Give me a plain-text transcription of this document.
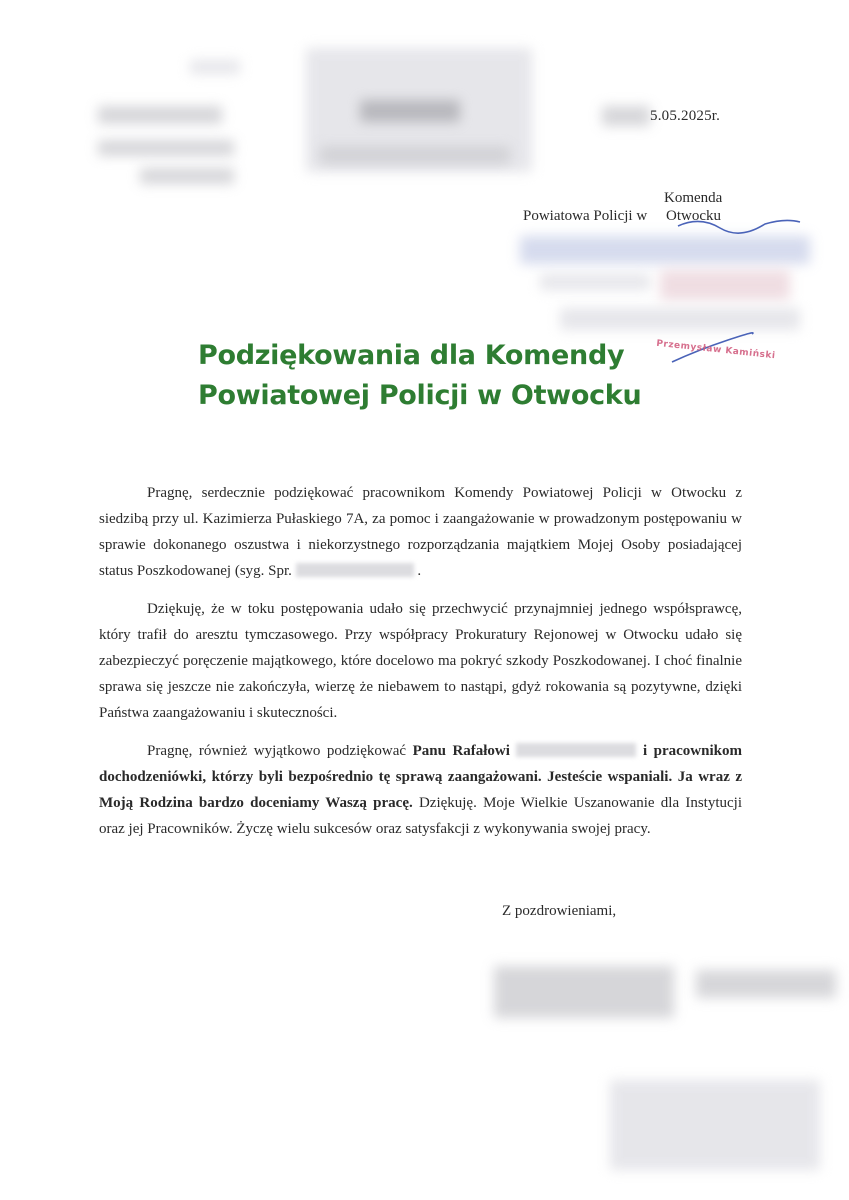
5.05.2025r.
Komenda
Powiatowa Policji w Otwocku
Przemysław Kamiński
Podziękowania dla Komendy
Powiatowej Policji w Otwocku

Pragnę, serdecznie podziękować pracownikom Komendy Powiatowej Policji w Otwocku z siedzibą przy ul. Kazimierza Pułaskiego 7A, za pomoc i zaangażowanie w prowadzonym postępowaniu w sprawie dokonanego oszustwa i niekorzystnego rozporządzania majątkiem Mojej Osoby posiadającej status Poszkodowanej (syg. Spr.	.

Dziękuję, że w toku postępowania udało się przechwycić przynajmniej jednego współsprawcę, który trafił do aresztu tymczasowego. Przy współpracy Prokuratury Rejonowej w Otwocku udało się zabezpieczyć poręczenie majątkowego, które docelowo ma pokryć szkody Poszkodowanej. I choć finalnie sprawa się jeszcze nie zakończyła, wierzę że niebawem to nastąpi, gdyż rokowania są pozytywne, dzięki Państwa zaangażowaniu i skuteczności.

Pragnę, również wyjątkowo podziękować Panu Rafałowi	i pracownikom dochodzeniówki, którzy byli bezpośrednio tę sprawą zaangażowani. Jesteście wspaniali. Ja wraz z Moją Rodzina bardzo doceniamy Waszą pracę. Dziękuję. Moje Wielkie Uszanowanie dla Instytucji oraz jej Pracowników. Życzę wielu sukcesów oraz satysfakcji z wykonywania swojej pracy.

Z pozdrowieniami,
